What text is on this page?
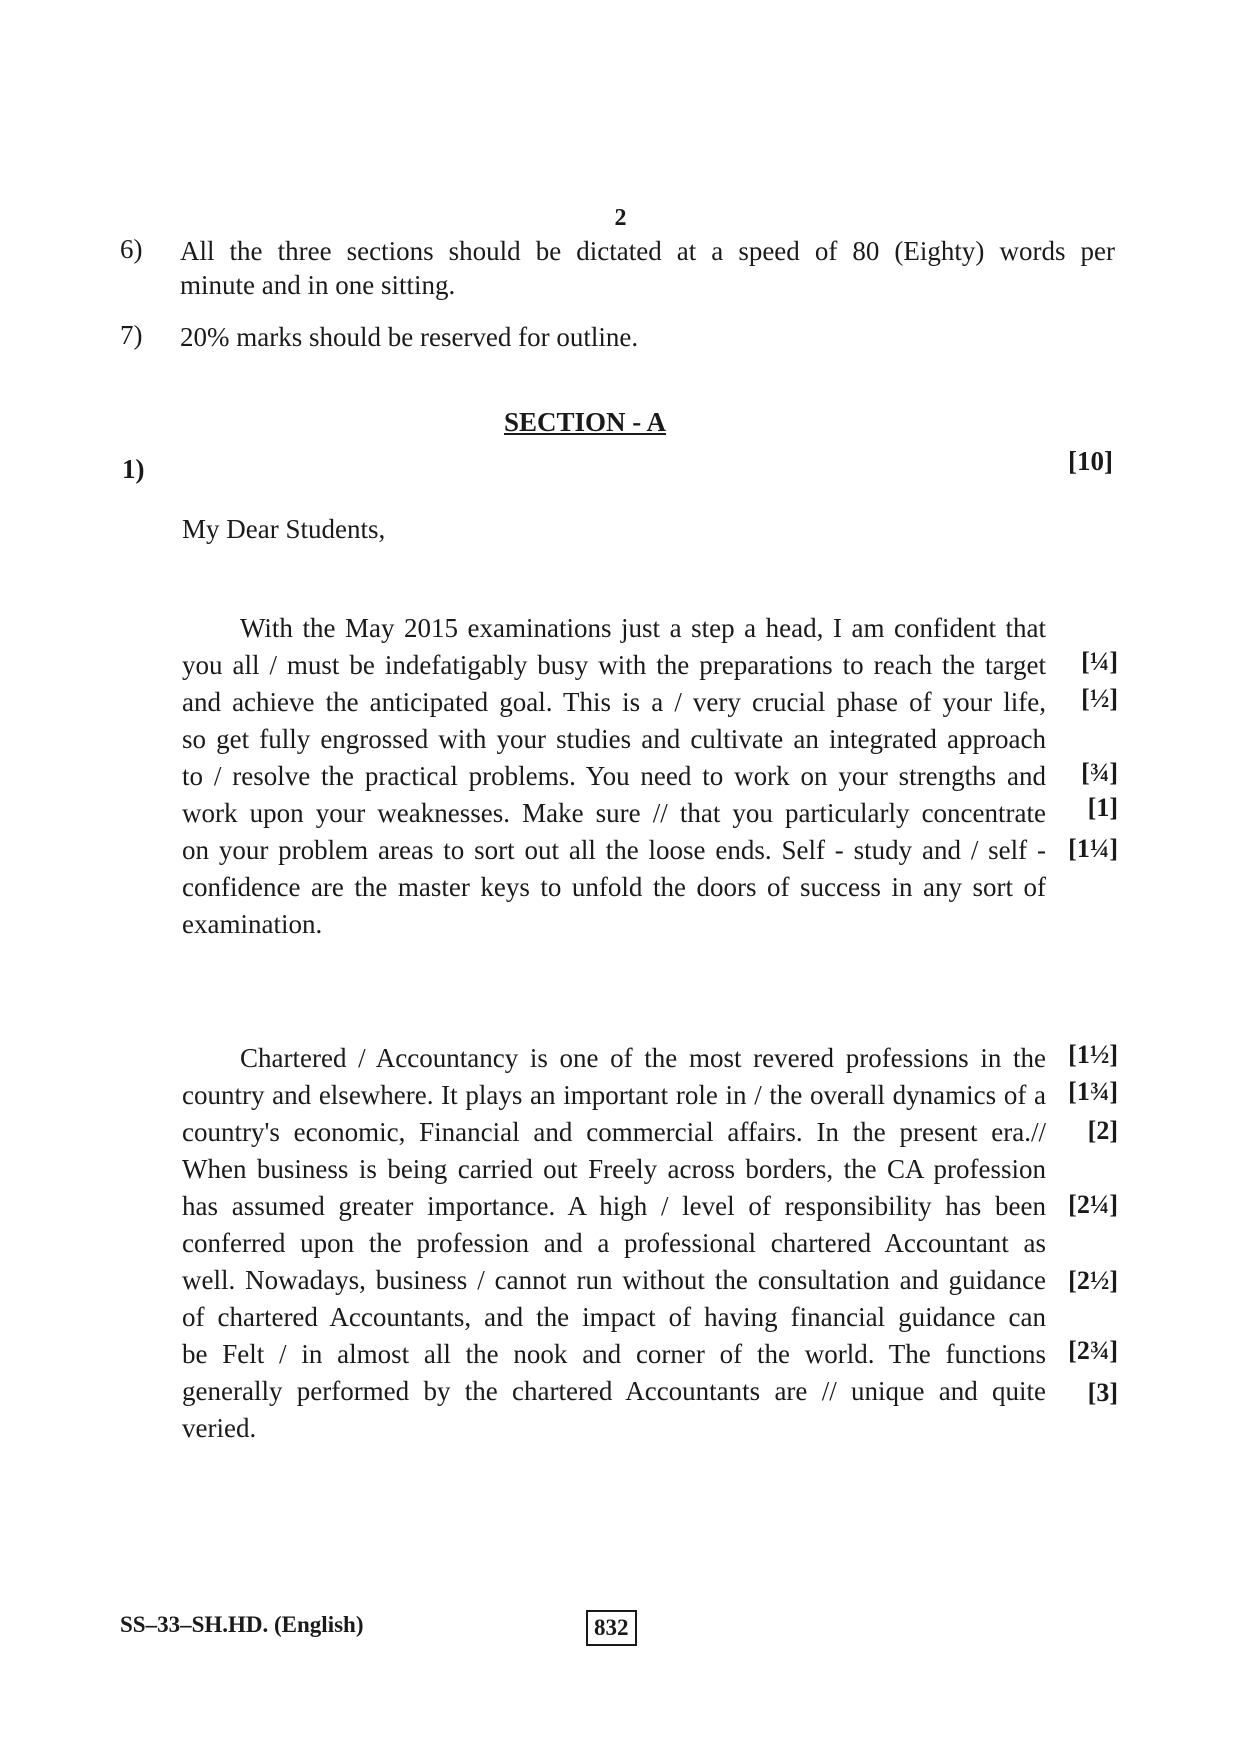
2
6) All the three sections should be dictated at a speed of 80 (Eighty) words per
minute and in one sitting.
7) 20% marks should be reserved for outline.
SECTION - A
1)	[10]
My Dear Students,
With the May 2015 examinations just a step a head, I am confident that
you all / must be indefatigably busy with the preparations to reach the target
and achieve the anticipated goal. This is a / very crucial phase of your life,
so get fully engrossed with your studies and cultivate an integrated approach
to / resolve the practical problems. You need to work on your strengths and
work upon your weaknesses. Make sure // that you particularly concentrate
on your problem areas to sort out all the loose ends. Self - study and / self -
confidence are the master keys to unfold the doors of success in any sort of
examination.
[¼]
[½]
[¾]
[1]
[1¼]
Chartered / Accountancy is one of the most revered professions in the
country and elsewhere. It plays an important role in / the overall dynamics of a
country's economic, Financial and commercial affairs. In the present era.//
When business is being carried out Freely across borders, the CA profession
has assumed greater importance. A high / level of responsibility has been
conferred upon the profession and a professional chartered Accountant as
well. Nowadays, business / cannot run without the consultation and guidance
of chartered Accountants, and the impact of having financial guidance can
be Felt / in almost all the nook and corner of the world. The functions
generally performed by the chartered Accountants are // unique and quite
veried.
[1½]
[1¾]
[2]
[2¼]
[2½]
[2¾]
[3]
SS–33–SH.HD. (English)	832
